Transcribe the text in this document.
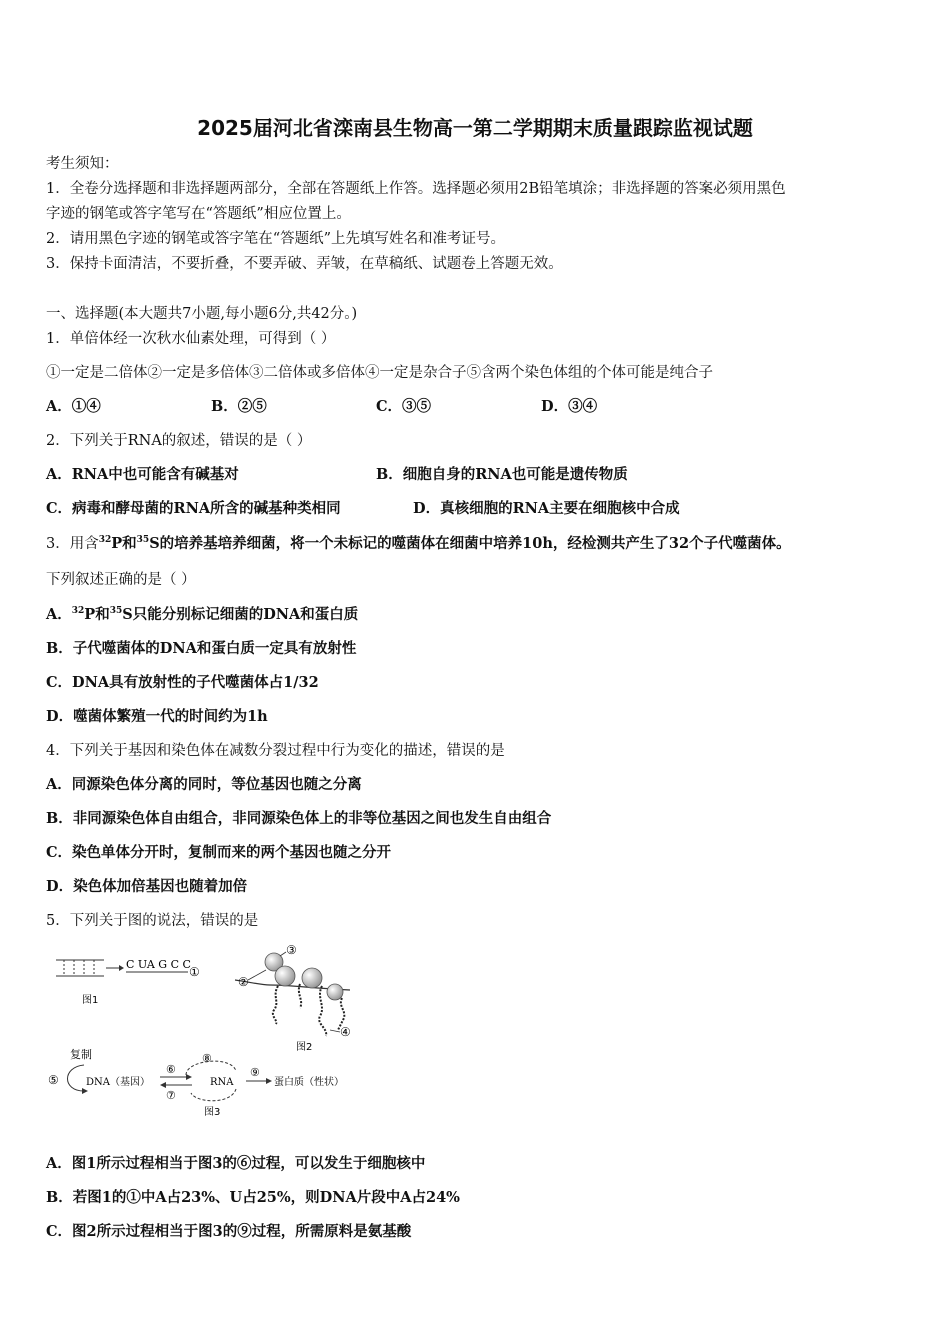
2025届河北省滦南县生物高一第二学期期末质量跟踪监视试题
考生须知：
1．全卷分选择题和非选择题两部分，全部在答题纸上作答。选择题必须用2B铅笔填涂；非选择题的答案必须用黑色
字迹的钢笔或答字笔写在“答题纸”相应位置上。
2．请用黑色字迹的钢笔或答字笔在“答题纸”上先填写姓名和准考证号。
3．保持卡面清洁，不要折叠，不要弄破、弄皱，在草稿纸、试题卷上答题无效。
一、选择题(本大题共7小题,每小题6分,共42分。)
1．单倍体经一次秋水仙素处理，可得到（ ）
①一定是二倍体②一定是多倍体③二倍体或多倍体④一定是杂合子⑤含两个染色体组的个体可能是纯合子
A．①④	B．②⑤	C．③⑤	D．③④
2．下列关于RNA的叙述，错误的是（ ）
A．RNA中也可能含有碱基对	B．细胞自身的RNA也可能是遗传物质
C．病毒和酵母菌的RNA所含的碱基种类相同	D．真核细胞的RNA主要在细胞核中合成
3．用含$^{32}$P和$^{35}$S的培养基培养细菌，将一个未标记的噬菌体在细菌中培养10h，经检测共产生了32个子代噬菌体。
下列叙述正确的是（ ）
A．$^{32}$P和$^{35}$S只能分别标记细菌的DNA和蛋白质
B．子代噬菌体的DNA和蛋白质一定具有放射性
C．DNA具有放射性的子代噬菌体占1/32
D．噬菌体繁殖一代的时间约为1h
4．下列关于基因和染色体在减数分裂过程中行为变化的描述，错误的是
A．同源染色体分离的同时，等位基因也随之分离
B．非同源染色体自由组合，非同源染色体上的非等位基因之间也发生自由组合
C．染色单体分开时，复制而来的两个基因也随之分开
D．染色体加倍基因也随着加倍
5．下列关于图的说法，错误的是
C UA G C C
①
图1
②
③
④
图2
复制
⑤	DNA（基因）
⑥
⑦
⑧
RNA
⑨
蛋白质（性状）
图3
A．图1所示过程相当于图3的⑥过程，可以发生于细胞核中
B．若图1的①中A占23%、U占25%，则DNA片段中A占24%
C．图2所示过程相当于图3的⑨过程，所需原料是氨基酸
